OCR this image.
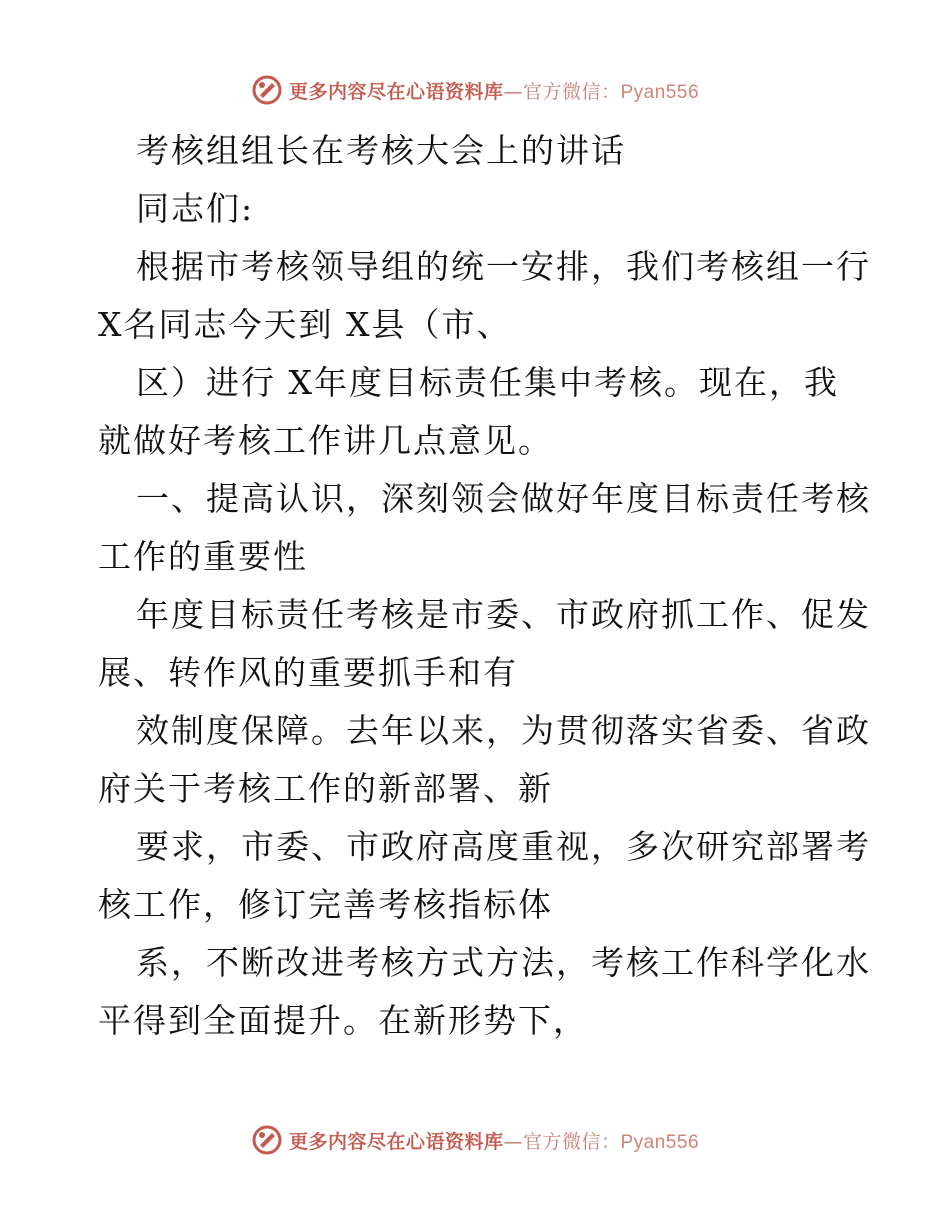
更多内容尽在心语资料库—官方微信：Pyan556
考核组组长在考核大会上的讲话
同志们:
根据市考核领导组的统一安排，我们考核组一行
X名同志今天到 X县（市、
区）进行 X年度目标责任集中考核。现在，我
就做好考核工作讲几点意见。
一、提高认识，深刻领会做好年度目标责任考核
工作的重要性
年度目标责任考核是市委、市政府抓工作、促发
展、转作风的重要抓手和有
效制度保障。去年以来，为贯彻落实省委、省政
府关于考核工作的新部署、新
要求，市委、市政府高度重视，多次研究部署考
核工作，修订完善考核指标体
系，不断改进考核方式方法，考核工作科学化水
平得到全面提升。在新形势下，
更多内容尽在心语资料库—官方微信：Pyan556
